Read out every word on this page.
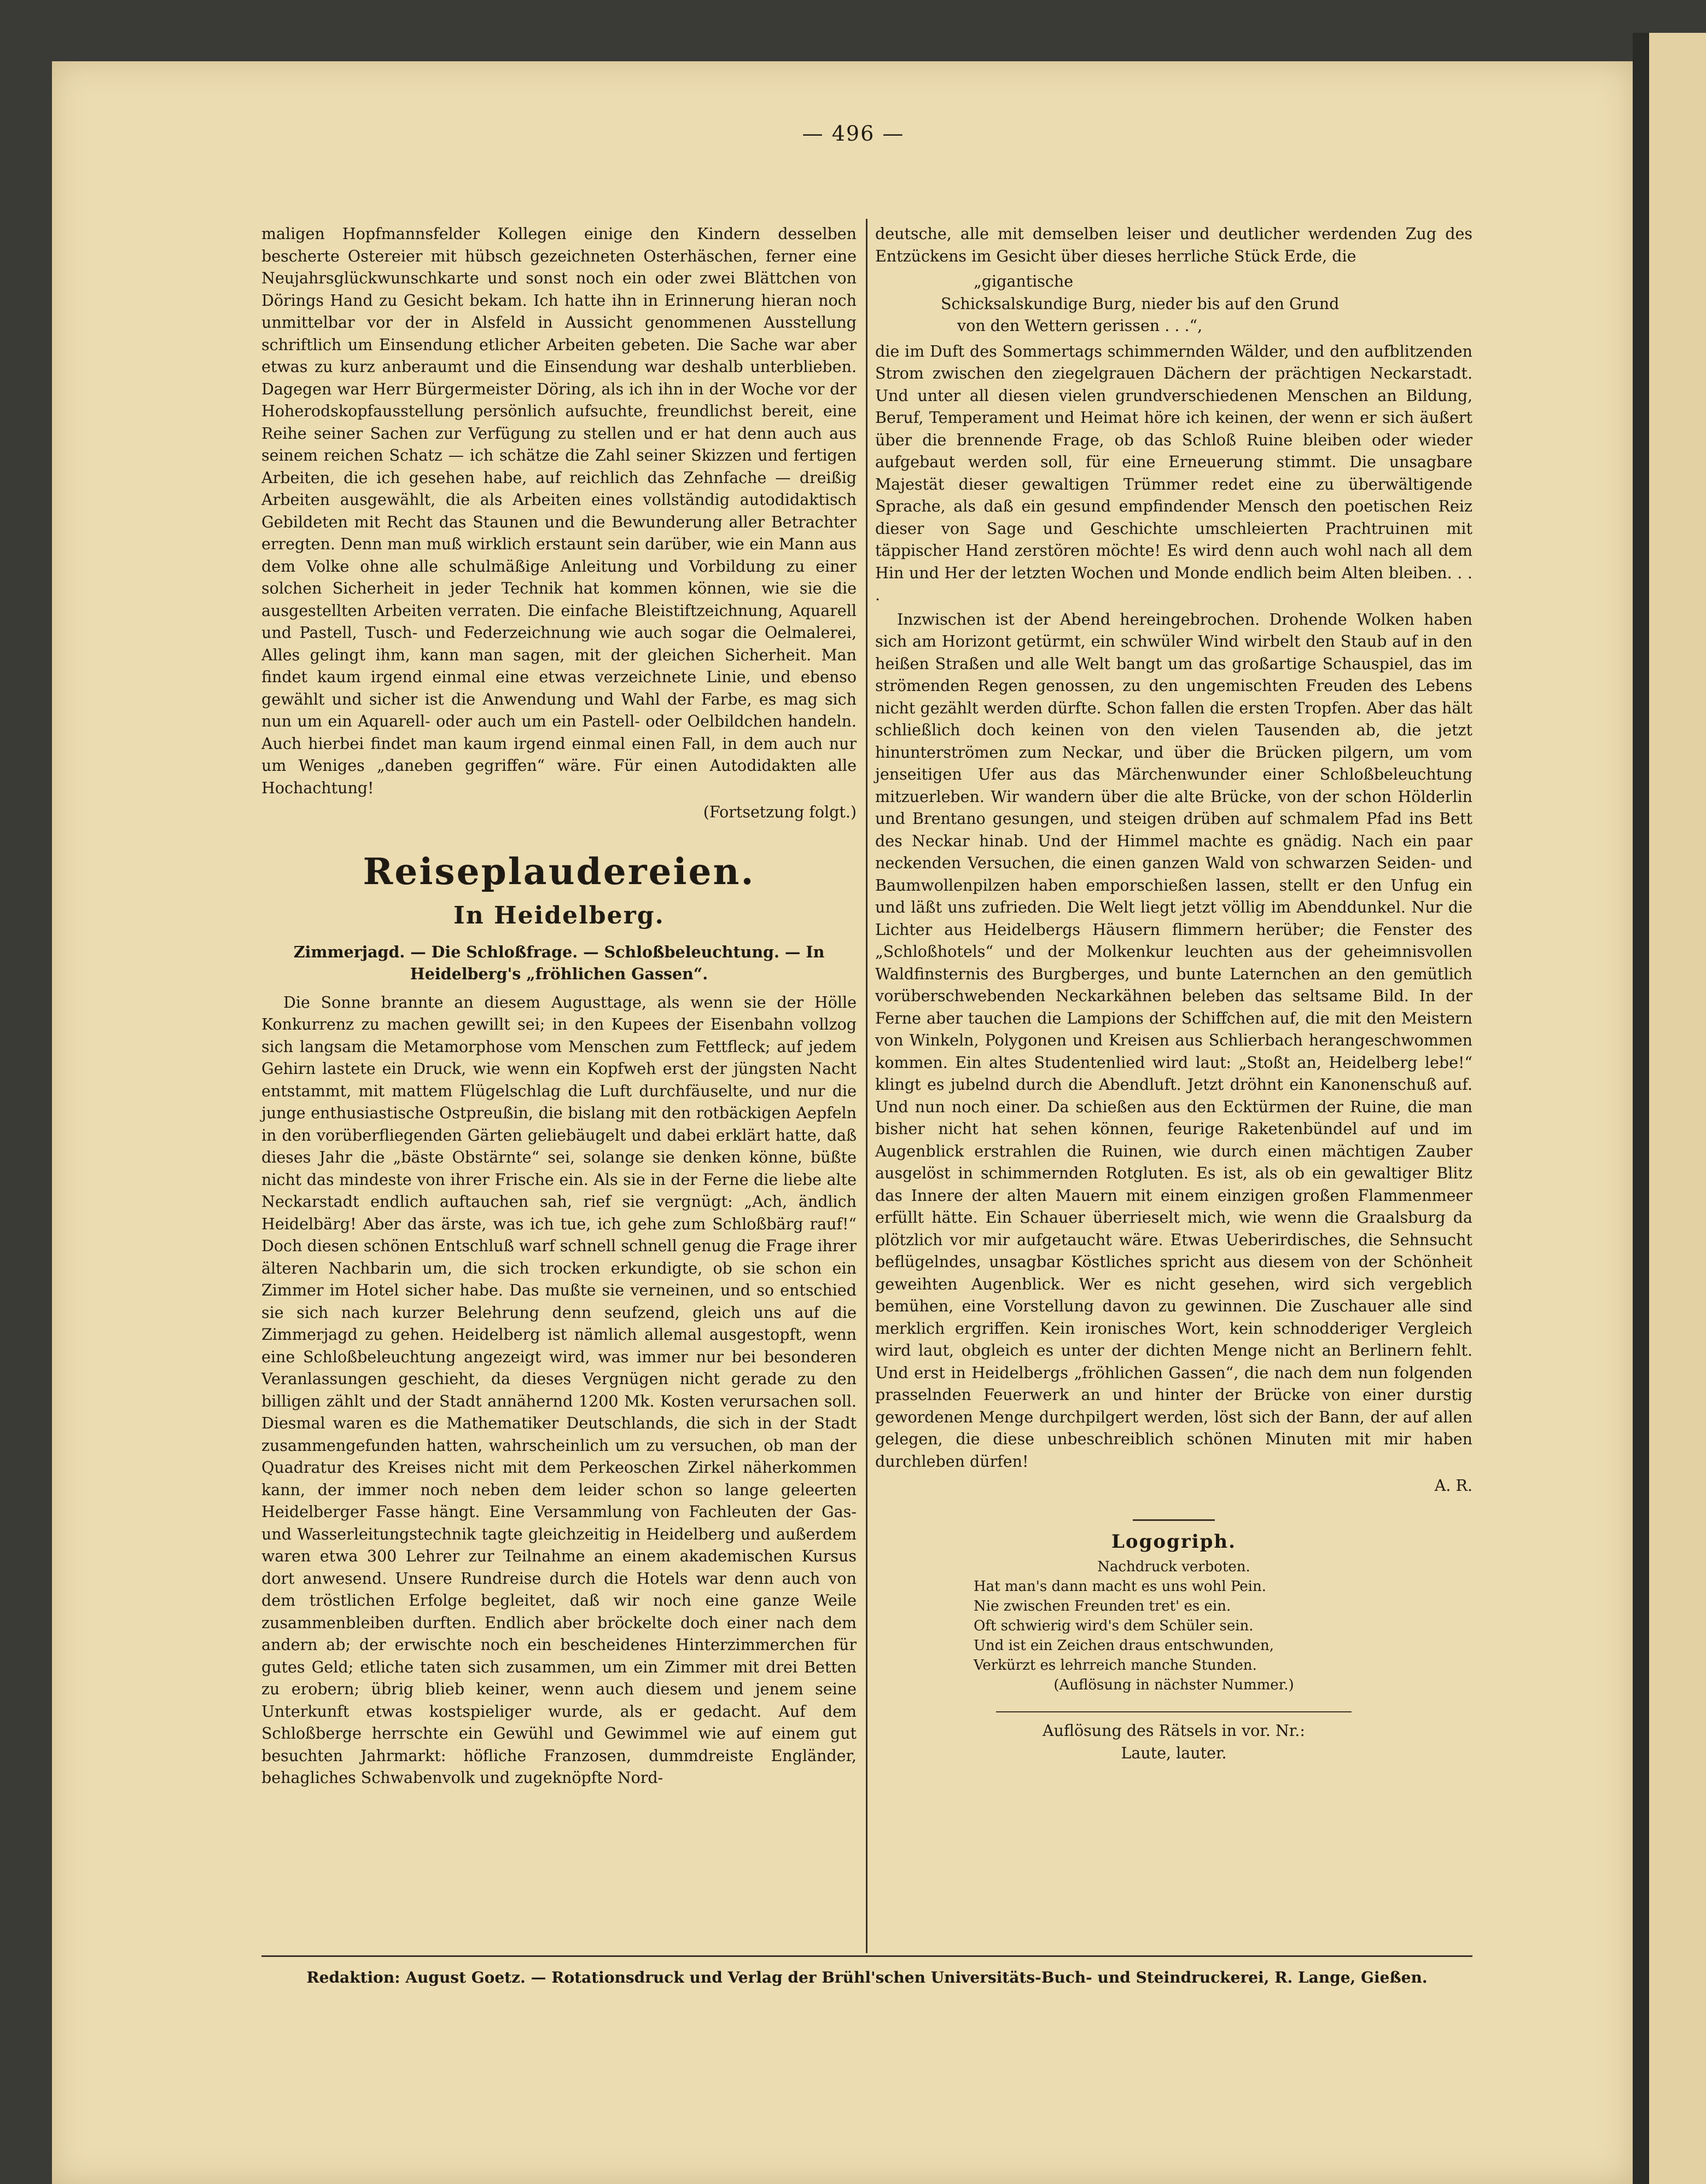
— 496 —

maligen Hopfmannsfelder Kollegen einige den Kindern desselben bescherte Ostereier mit hübsch gezeichneten Osterhäschen, ferner eine Neujahrsglückwunschkarte und sonst noch ein oder zwei Blättchen von Dörings Hand zu Gesicht bekam. Ich hatte ihn in Erinnerung hieran noch unmittelbar vor der in Alsfeld in Aussicht genommenen Ausstellung schriftlich um Einsendung etlicher Arbeiten gebeten. Die Sache war aber etwas zu kurz anberaumt und die Einsendung war deshalb unterblieben. Dagegen war Herr Bürgermeister Döring, als ich ihn in der Woche vor der Hoherodskopfausstellung persönlich aufsuchte, freundlichst bereit, eine Reihe seiner Sachen zur Verfügung zu stellen und er hat denn auch aus seinem reichen Schatz — ich schätze die Zahl seiner Skizzen und fertigen Arbeiten, die ich gesehen habe, auf reichlich das Zehnfache — dreißig Arbeiten ausgewählt, die als Arbeiten eines vollständig autodidaktisch Gebildeten mit Recht das Staunen und die Bewunderung aller Betrachter erregten. Denn man muß wirklich erstaunt sein darüber, wie ein Mann aus dem Volke ohne alle schulmäßige Anleitung und Vorbildung zu einer solchen Sicherheit in jeder Technik hat kommen können, wie sie die ausgestellten Arbeiten verraten. Die einfache Bleistiftzeichnung, Aquarell und Pastell, Tusch- und Federzeichnung wie auch sogar die Oelmalerei, Alles gelingt ihm, kann man sagen, mit der gleichen Sicherheit. Man findet kaum irgend einmal eine etwas verzeichnete Linie, und ebenso gewählt und sicher ist die Anwendung und Wahl der Farbe, es mag sich nun um ein Aquarell- oder auch um ein Pastell- oder Oelbildchen handeln. Auch hierbei findet man kaum irgend einmal einen Fall, in dem auch nur um Weniges „daneben gegriffen“ wäre. Für einen Autodidakten alle Hochachtung!

(Fortsetzung folgt.)

Reiseplaudereien.
In Heidelberg.

Zimmerjagd. — Die Schloßfrage. — Schloßbeleuchtung. — In Heidelberg's „fröhlichen Gassen“.

Die Sonne brannte an diesem Augusttage, als wenn sie der Hölle Konkurrenz zu machen gewillt sei; in den Kupees der Eisenbahn vollzog sich langsam die Metamorphose vom Menschen zum Fettfleck; auf jedem Gehirn lastete ein Druck, wie wenn ein Kopfweh erst der jüngsten Nacht entstammt, mit mattem Flügelschlag die Luft durchfäuselte, und nur die junge enthusiastische Ostpreußin, die bislang mit den rotbäckigen Aepfeln in den vorüberfliegenden Gärten geliebäugelt und dabei erklärt hatte, daß dieses Jahr die „bäste Obstärnte“ sei, solange sie denken könne, büßte nicht das mindeste von ihrer Frische ein. Als sie in der Ferne die liebe alte Neckarstadt endlich auftauchen sah, rief sie vergnügt: „Ach, ändlich Heidelbärg! Aber das ärste, was ich tue, ich gehe zum Schloßbärg rauf!“ Doch diesen schönen Entschluß warf schnell schnell genug die Frage ihrer älteren Nachbarin um, die sich trocken erkundigte, ob sie schon ein Zimmer im Hotel sicher habe. Das mußte sie verneinen, und so entschied sie sich nach kurzer Belehrung denn seufzend, gleich uns auf die Zimmerjagd zu gehen. Heidelberg ist nämlich allemal ausgestopft, wenn eine Schloßbeleuchtung angezeigt wird, was immer nur bei besonderen Veranlassungen geschieht, da dieses Vergnügen nicht gerade zu den billigen zählt und der Stadt annähernd 1200 Mk. Kosten verursachen soll. Diesmal waren es die Mathematiker Deutschlands, die sich in der Stadt zusammengefunden hatten, wahrscheinlich um zu versuchen, ob man der Quadratur des Kreises nicht mit dem Perkeoschen Zirkel näherkommen kann, der immer noch neben dem leider schon so lange geleerten Heidelberger Fasse hängt. Eine Versammlung von Fachleuten der Gas- und Wasserleitungstechnik tagte gleichzeitig in Heidelberg und außerdem waren etwa 300 Lehrer zur Teilnahme an einem akademischen Kursus dort anwesend. Unsere Rundreise durch die Hotels war denn auch von dem tröstlichen Erfolge begleitet, daß wir noch eine ganze Weile zusammenbleiben durften. Endlich aber bröckelte doch einer nach dem andern ab; der erwischte noch ein bescheidenes Hinterzimmerchen für gutes Geld; etliche taten sich zusammen, um ein Zimmer mit drei Betten zu erobern; übrig blieb keiner, wenn auch diesem und jenem seine Unterkunft etwas kostspieliger wurde, als er gedacht. Auf dem Schloßberge herrschte ein Gewühl und Gewimmel wie auf einem gut besuchten Jahrmarkt: höfliche Franzosen, dummdreiste Engländer, behagliches Schwabenvolk und zugeknöpfte Nord-

deutsche, alle mit demselben leiser und deutlicher werdenden Zug des Entzückens im Gesicht über dieses herrliche Stück Erde, die

„gigantische
Schicksalskundige Burg, nieder bis auf den Grund
von den Wettern gerissen . . .“,

die im Duft des Sommertags schimmernden Wälder, und den aufblitzenden Strom zwischen den ziegelgrauen Dächern der prächtigen Neckarstadt. Und unter all diesen vielen grundverschiedenen Menschen an Bildung, Beruf, Temperament und Heimat höre ich keinen, der wenn er sich äußert über die brennende Frage, ob das Schloß Ruine bleiben oder wieder aufgebaut werden soll, für eine Erneuerung stimmt. Die unsagbare Majestät dieser gewaltigen Trümmer redet eine zu überwältigende Sprache, als daß ein gesund empfindender Mensch den poetischen Reiz dieser von Sage und Geschichte umschleierten Prachtruinen mit täppischer Hand zerstören möchte! Es wird denn auch wohl nach all dem Hin und Her der letzten Wochen und Monde endlich beim Alten bleiben. . . .

Inzwischen ist der Abend hereingebrochen. Drohende Wolken haben sich am Horizont getürmt, ein schwüler Wind wirbelt den Staub auf in den heißen Straßen und alle Welt bangt um das großartige Schauspiel, das im strömenden Regen genossen, zu den ungemischten Freuden des Lebens nicht gezählt werden dürfte. Schon fallen die ersten Tropfen. Aber das hält schließlich doch keinen von den vielen Tausenden ab, die jetzt hinunterströmen zum Neckar, und über die Brücken pilgern, um vom jenseitigen Ufer aus das Märchenwunder einer Schloßbeleuchtung mitzuerleben. Wir wandern über die alte Brücke, von der schon Hölderlin und Brentano gesungen, und steigen drüben auf schmalem Pfad ins Bett des Neckar hinab. Und der Himmel machte es gnädig. Nach ein paar neckenden Versuchen, die einen ganzen Wald von schwarzen Seiden- und Baumwollenpilzen haben emporschießen lassen, stellt er den Unfug ein und läßt uns zufrieden. Die Welt liegt jetzt völlig im Abenddunkel. Nur die Lichter aus Heidelbergs Häusern flimmern herüber; die Fenster des „Schloßhotels“ und der Molkenkur leuchten aus der geheimnisvollen Waldfinsternis des Burgberges, und bunte Laternchen an den gemütlich vorüberschwebenden Neckarkähnen beleben das seltsame Bild. In der Ferne aber tauchen die Lampions der Schiffchen auf, die mit den Meistern von Winkeln, Polygonen und Kreisen aus Schlierbach herangeschwommen kommen. Ein altes Studentenlied wird laut: „Stoßt an, Heidelberg lebe!“ klingt es jubelnd durch die Abendluft. Jetzt dröhnt ein Kanonenschuß auf. Und nun noch einer. Da schießen aus den Ecktürmen der Ruine, die man bisher nicht hat sehen können, feurige Raketenbündel auf und im Augenblick erstrahlen die Ruinen, wie durch einen mächtigen Zauber ausgelöst in schimmernden Rotgluten. Es ist, als ob ein gewaltiger Blitz das Innere der alten Mauern mit einem einzigen großen Flammenmeer erfüllt hätte. Ein Schauer überrieselt mich, wie wenn die Graalsburg da plötzlich vor mir aufgetaucht wäre. Etwas Ueberirdisches, die Sehnsucht beflügelndes, unsagbar Köstliches spricht aus diesem von der Schönheit geweihten Augenblick. Wer es nicht gesehen, wird sich vergeblich bemühen, eine Vorstellung davon zu gewinnen. Die Zuschauer alle sind merklich ergriffen. Kein ironisches Wort, kein schnodderiger Vergleich wird laut, obgleich es unter der dichten Menge nicht an Berlinern fehlt. Und erst in Heidelbergs „fröhlichen Gassen“, die nach dem nun folgenden prasselnden Feuerwerk an und hinter der Brücke von einer durstig gewordenen Menge durchpilgert werden, löst sich der Bann, der auf allen gelegen, die diese unbeschreiblich schönen Minuten mit mir haben durchleben dürfen!

A. R.

Logogriph.
Nachdruck verboten.
Hat man's dann macht es uns wohl Pein.
Nie zwischen Freunden tret' es ein.
Oft schwierig wird's dem Schüler sein.
Und ist ein Zeichen draus entschwunden,
Verkürzt es lehrreich manche Stunden.
(Auflösung in nächster Nummer.)
Auflösung des Rätsels in vor. Nr.:
Laute, lauter.
Redaktion: August Goetz. — Rotationsdruck und Verlag der Brühl'schen Universitäts-Buch- und Steindruckerei, R. Lange, Gießen.
